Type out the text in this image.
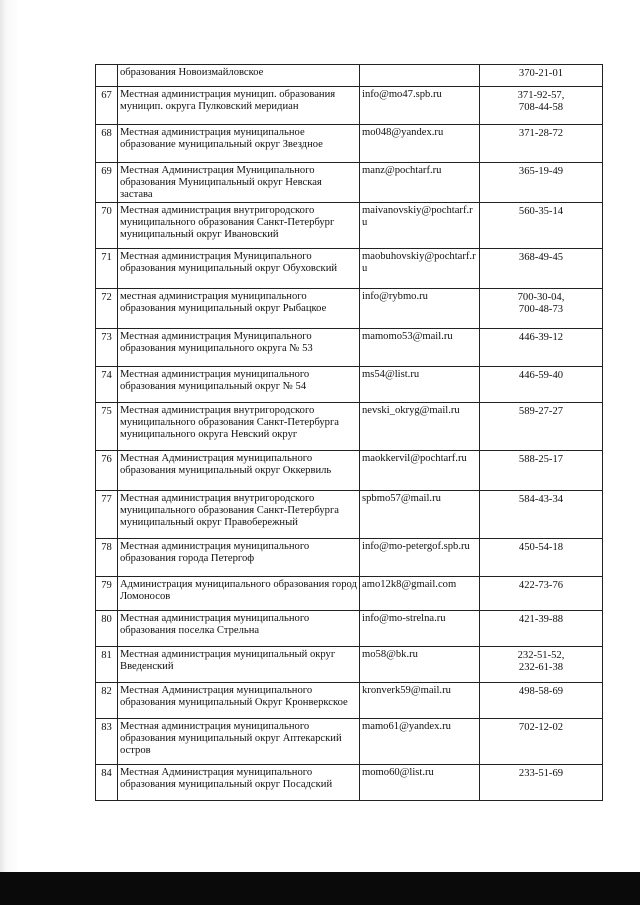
	образования Новоизмайловское		370-21-01
67	Местная администрация муницип. образования муницип. округа Пулковский меридиан	info@mo47.spb.ru	371-92-57,
708-44-58
68	Местная администрация муниципальное образование муниципальный округ Звездное	mo048@yandex.ru	371-28-72
69	Местная Администрация Муниципального образования Муниципальный округ Невская застава	manz@pochtarf.ru	365-19-49
70	Местная администрация внутригородского муниципального образования Санкт-Петербург муниципальный округ Ивановский	maivanovskiy@pochtarf.ru	560-35-14
71	Местная администрация Муниципального образования муниципальный округ Обуховский	maobuhovskiy@pochtarf.ru	368-49-45
72	местная администрация муниципального образования муниципальный округ Рыбацкое	info@rybmo.ru	700-30-04,
700-48-73
73	Местная администрация Муниципального образования муниципального округа № 53	mamomo53@mail.ru	446-39-12
74	Местная администрация муниципального образования муниципальный округ № 54	ms54@list.ru	446-59-40
75	Местная администрация внутригородского муниципального образования Санкт-Петербурга муниципального округа Невский округ	nevski_okryg@mail.ru	589-27-27
76	Местная Администрация муниципального образования муниципальный округ Оккервиль	maokkervil@pochtarf.ru	588-25-17
77	Местная администрация внутригородского муниципального образования Санкт-Петербурга муниципальный округ Правобережный	spbmo57@mail.ru	584-43-34
78	Местная администрация муниципального образования города Петергоф	info@mo-petergof.spb.ru	450-54-18
79	Администрация муниципального образования город Ломоносов	amo12k8@gmail.com	422-73-76
80	Местная администрация муниципального образования поселка Стрельна	info@mo-strelna.ru	421-39-88
81	Местная администрация муниципальный округ Введенский	mo58@bk.ru	232-51-52,
232-61-38
82	Местная Администрация муниципального образования муниципальный Округ Кронверкское	kronverk59@mail.ru	498-58-69
83	Местная администрация муниципального образования муниципальный округ Аптекарский остров	mamo61@yandex.ru	702-12-02
84	Местная Администрация муниципального образования муниципальный округ Посадский	momo60@list.ru	233-51-69
